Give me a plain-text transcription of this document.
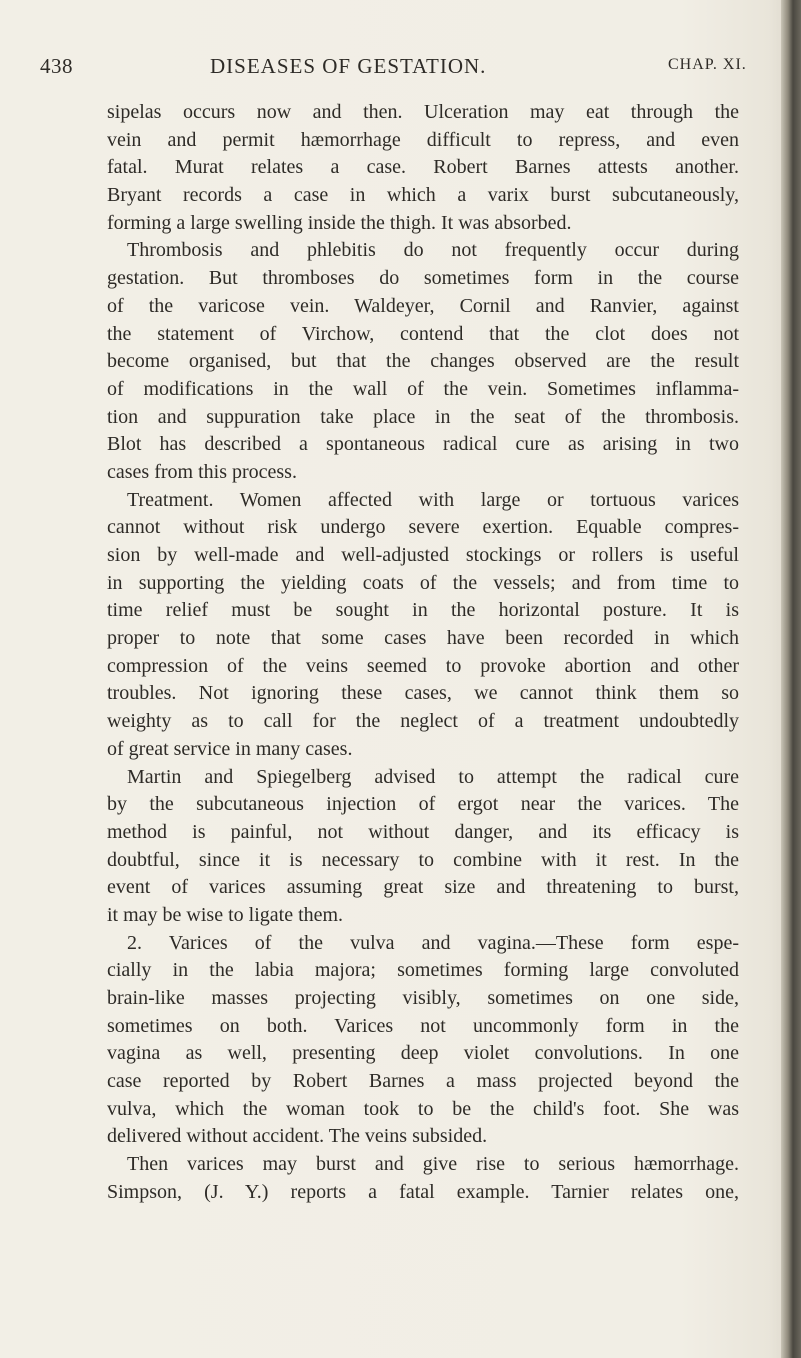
438	DISEASES OF GESTATION.	CHAP. XI.
sipelas occurs now and then. Ulceration may eat through the
vein and permit hæmorrhage difficult to repress, and even
fatal. Murat relates a case. Robert Barnes attests another.
Bryant records a case in which a varix burst subcutaneously,
forming a large swelling inside the thigh. It was absorbed.
Thrombosis and phlebitis do not frequently occur during
gestation. But thromboses do sometimes form in the course
of the varicose vein. Waldeyer, Cornil and Ranvier, against
the statement of Virchow, contend that the clot does not
become organised, but that the changes observed are the result
of modifications in the wall of the vein. Sometimes inflamma-
tion and suppuration take place in the seat of the thrombosis.
Blot has described a spontaneous radical cure as arising in two
cases from this process.
Treatment. Women affected with large or tortuous varices
cannot without risk undergo severe exertion. Equable compres-
sion by well-made and well-adjusted stockings or rollers is useful
in supporting the yielding coats of the vessels; and from time to
time relief must be sought in the horizontal posture. It is
proper to note that some cases have been recorded in which
compression of the veins seemed to provoke abortion and other
troubles. Not ignoring these cases, we cannot think them so
weighty as to call for the neglect of a treatment undoubtedly
of great service in many cases.
Martin and Spiegelberg advised to attempt the radical cure
by the subcutaneous injection of ergot near the varices. The
method is painful, not without danger, and its efficacy is
doubtful, since it is necessary to combine with it rest. In the
event of varices assuming great size and threatening to burst,
it may be wise to ligate them.
2. Varices of the vulva and vagina.—These form espe-
cially in the labia majora; sometimes forming large convoluted
brain-like masses projecting visibly, sometimes on one side,
sometimes on both. Varices not uncommonly form in the
vagina as well, presenting deep violet convolutions. In one
case reported by Robert Barnes a mass projected beyond the
vulva, which the woman took to be the child's foot. She was
delivered without accident. The veins subsided.
Then varices may burst and give rise to serious hæmorrhage.
Simpson, (J. Y.) reports a fatal example. Tarnier relates one,
